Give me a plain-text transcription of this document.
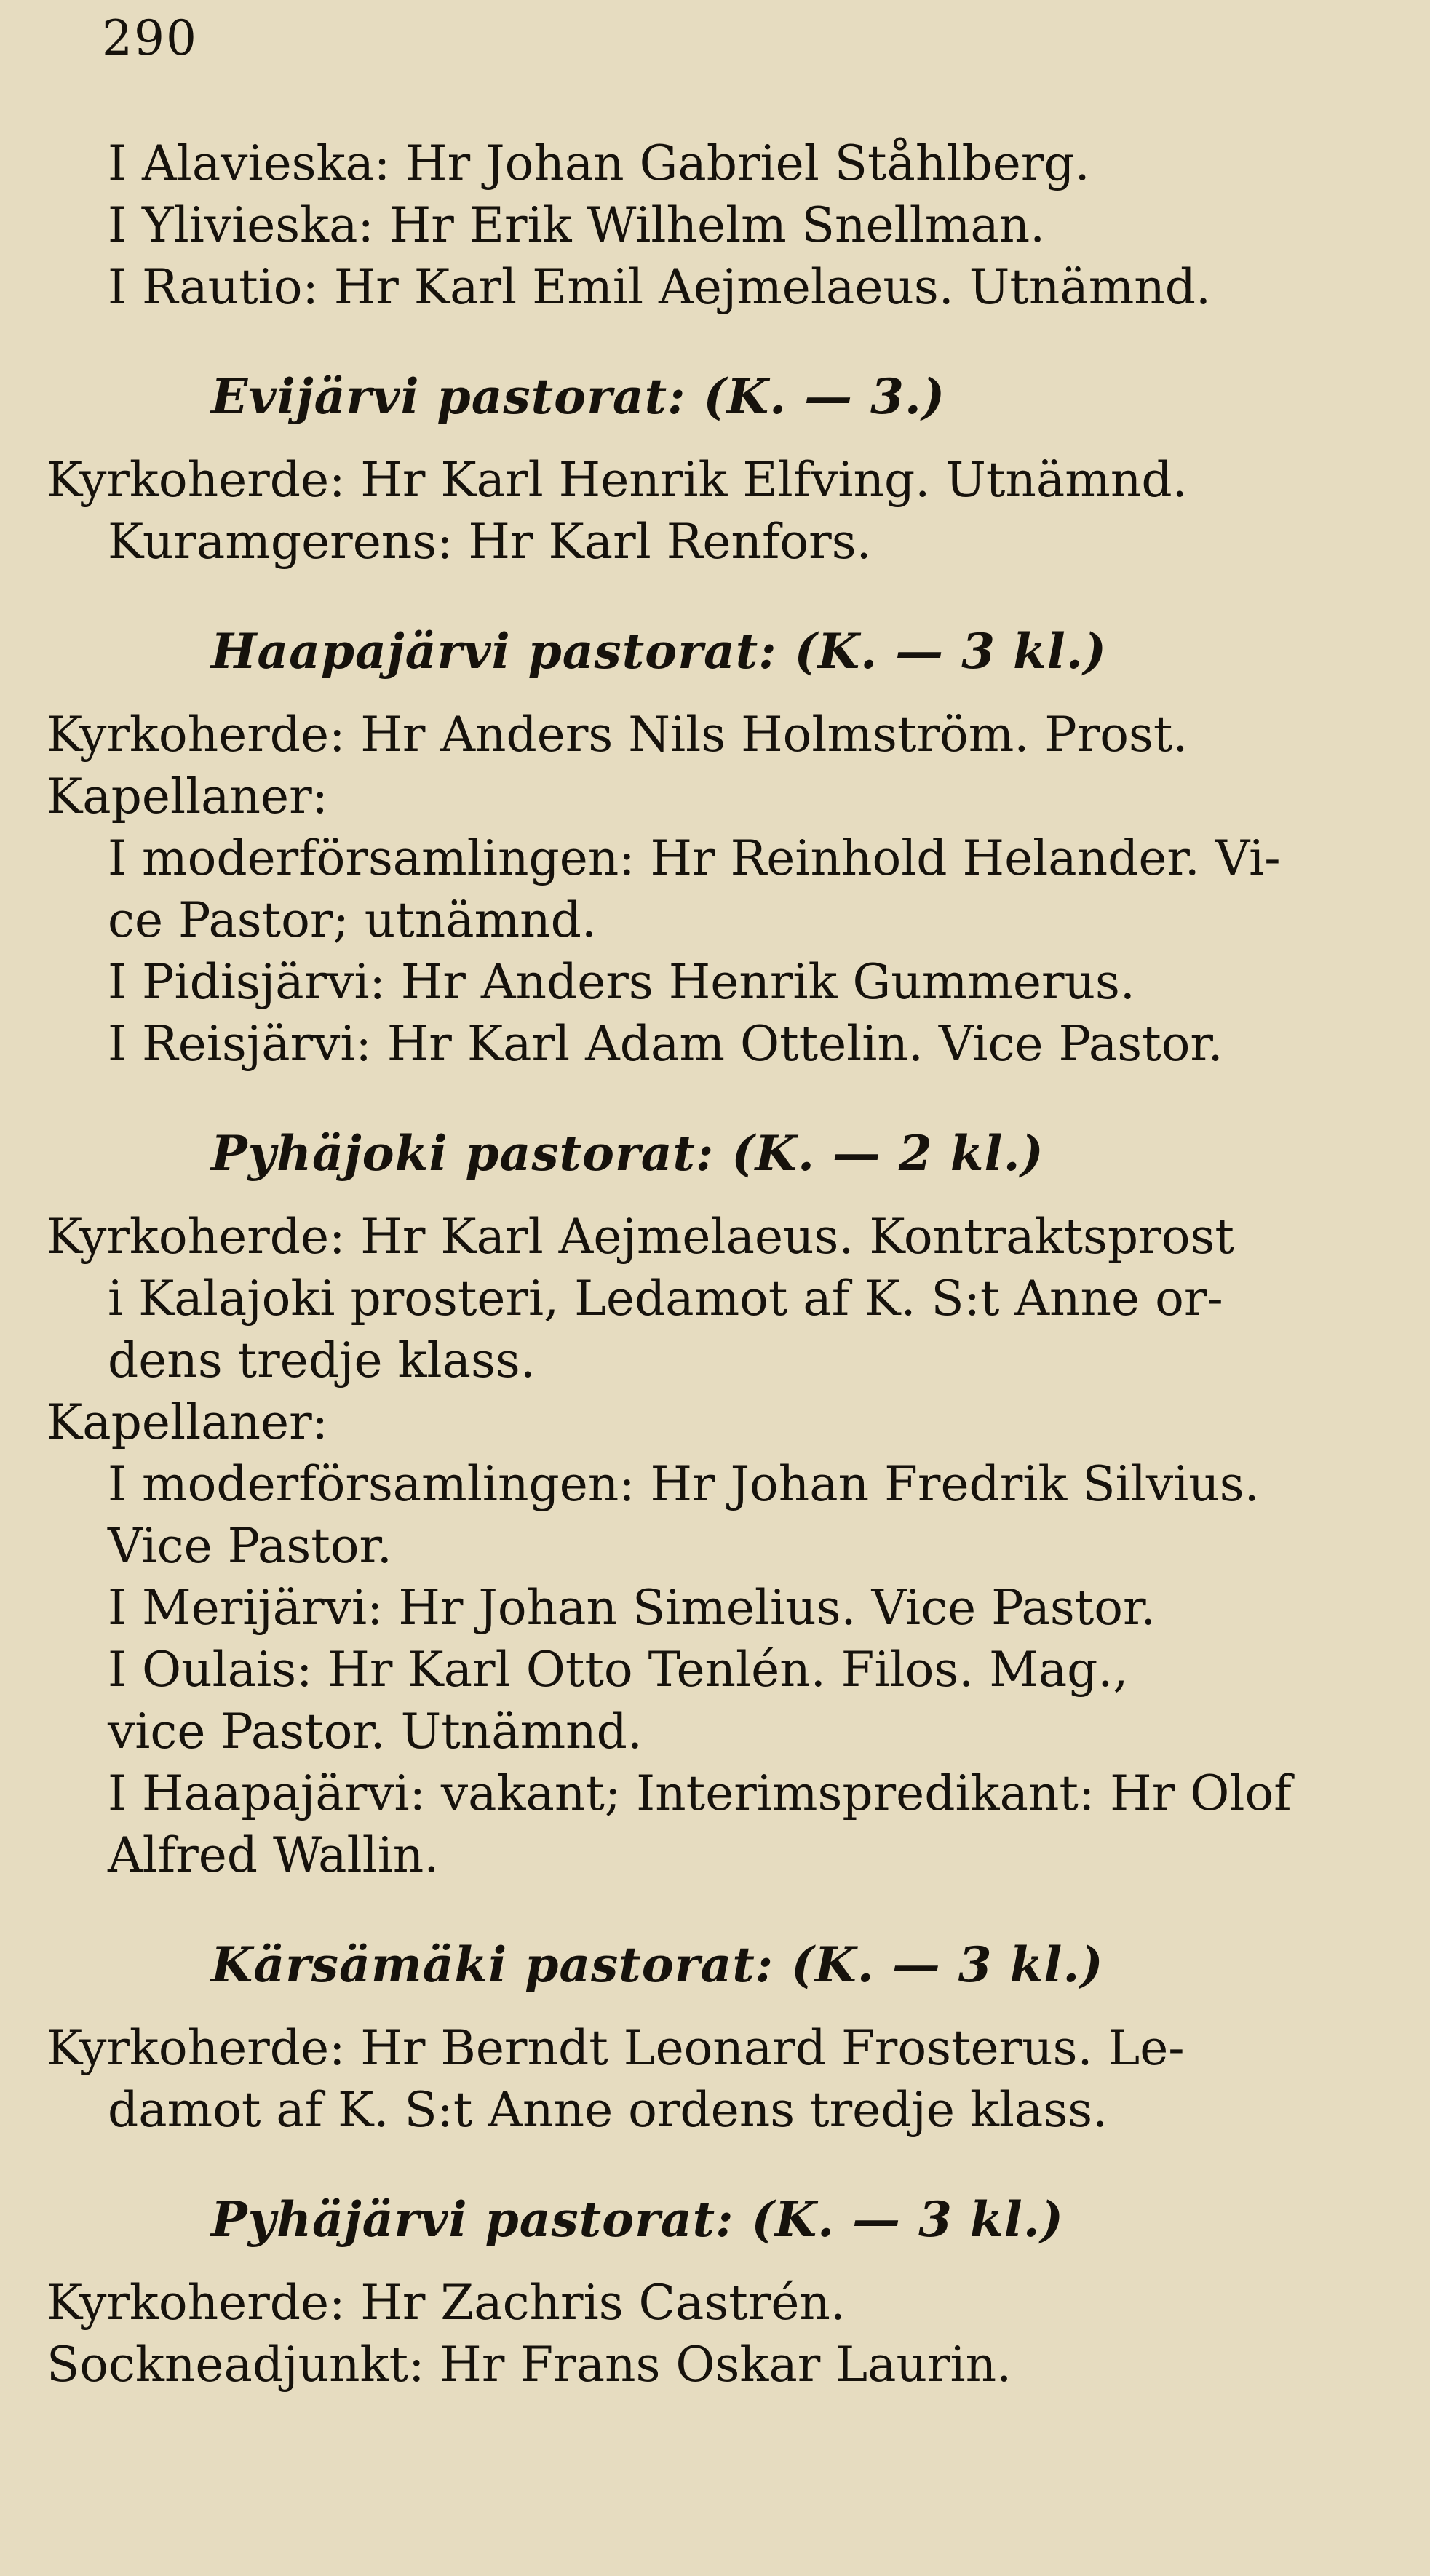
290
I Alavieska: Hr Johan Gabriel Ståhlberg.
I Ylivieska: Hr Erik Wilhelm Snellman.
I Rautio: Hr Karl Emil Aejmelaeus. Utnämnd.
Evijärvi pastorat: (K. — 3.)
Kyrkoherde: Hr Karl Henrik Elfving. Utnämnd.
Kuramgerens: Hr Karl Renfors.
Haapajärvi pastorat: (K. — 3 kl.)
Kyrkoherde: Hr Anders Nils Holmström. Prost.
Kapellaner:
I moderförsamlingen: Hr Reinhold Helander. Vi-
ce Pastor; utnämnd.
I Pidisjärvi: Hr Anders Henrik Gummerus.
I Reisjärvi: Hr Karl Adam Ottelin. Vice Pastor.
Pyhäjoki pastorat: (K. — 2 kl.)
Kyrkoherde: Hr Karl Aejmelaeus. Kontraktsprost
i Kalajoki prosteri, Ledamot af K. S:t Anne or-
dens tredje klass.
Kapellaner:
I moderförsamlingen: Hr Johan Fredrik Silvius.
Vice Pastor.
I Merijärvi: Hr Johan Simelius. Vice Pastor.
I Oulais: Hr Karl Otto Tenlén. Filos. Mag.,
vice Pastor. Utnämnd.
I Haapajärvi: vakant; Interimspredikant: Hr Olof
Alfred Wallin.
Kärsämäki pastorat: (K. — 3 kl.)
Kyrkoherde: Hr Berndt Leonard Frosterus. Le-
damot af K. S:t Anne ordens tredje klass.
Pyhäjärvi pastorat: (K. — 3 kl.)
Kyrkoherde: Hr Zachris Castrén.
Sockneadjunkt: Hr Frans Oskar Laurin.
